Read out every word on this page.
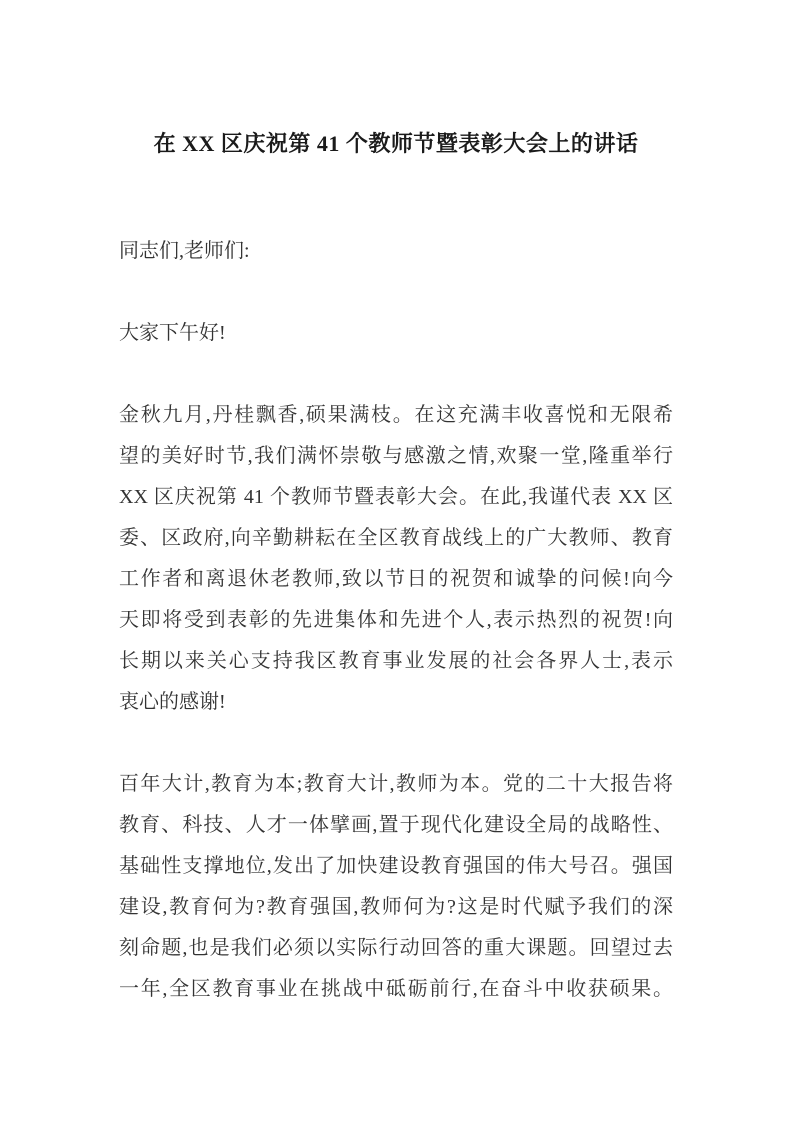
在 XX 区庆祝第 41 个教师节暨表彰大会上的讲话
同志们,老师们:
大家下午好!
金秋九月,丹桂飘香,硕果满枝。在这充满丰收喜悦和无限希
望的美好时节,我们满怀崇敬与感激之情,欢聚一堂,隆重举行
XX 区庆祝第 41 个教师节暨表彰大会。在此,我谨代表 XX 区
委、区政府,向辛勤耕耘在全区教育战线上的广大教师、教育
工作者和离退休老教师,致以节日的祝贺和诚挚的问候!向今
天即将受到表彰的先进集体和先进个人,表示热烈的祝贺!向
长期以来关心支持我区教育事业发展的社会各界人士,表示
衷心的感谢!
百年大计,教育为本;教育大计,教师为本。党的二十大报告将
教育、科技、人才一体擘画,置于现代化建设全局的战略性、
基础性支撑地位,发出了加快建设教育强国的伟大号召。强国
建设,教育何为?教育强国,教师何为?这是时代赋予我们的深
刻命题,也是我们必须以实际行动回答的重大课题。回望过去
一年,全区教育事业在挑战中砥砺前行,在奋斗中收获硕果。
